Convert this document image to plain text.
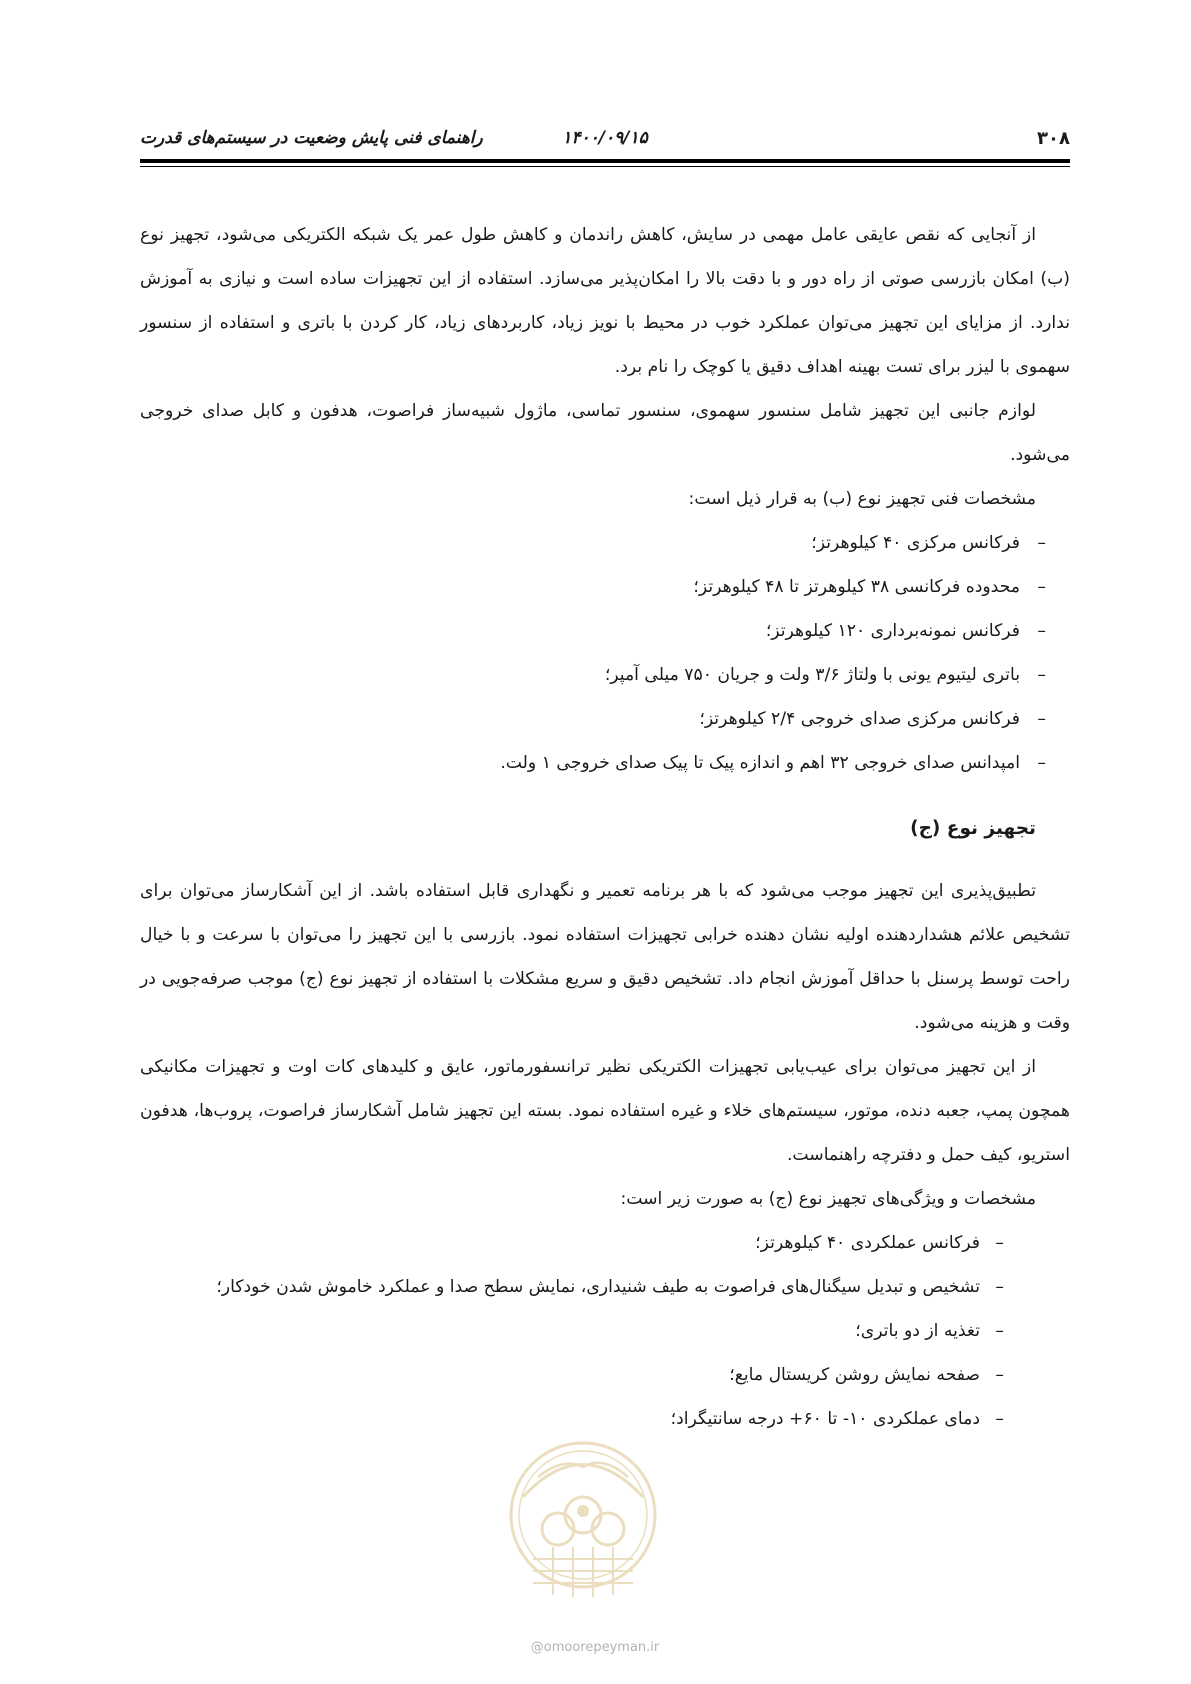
۳۰۸
۱۴۰۰/۰۹/۱۵
راهنمای فنی پایش وضعیت در سیستم‌های قدرت

از آنجایی که نقص عایقی عامل مهمی در سایش، کاهش راندمان و کاهش طول عمر یک شبکه الکتریکی می‌شود، تجهیز نوع (ب) امکان بازرسی صوتی از راه دور و با دقت بالا را امکان‌پذیر می‌سازد. استفاده از این تجهیزات ساده است و نیازی به آموزش ندارد. از مزایای این تجهیز می‌توان عملکرد خوب در محیط با نویز زیاد، کاربردهای زیاد، کار کردن با باتری و استفاده از سنسور سهموی با لیزر برای تست بهینه اهداف دقیق یا کوچک را نام برد.

لوازم جانبی این تجهیز شامل سنسور سهموی، سنسور تماسی، ماژول شبیه‌ساز فراصوت، هدفون و کابل صدای خروجی می‌شود.

مشخصات فنی تجهیز نوع (ب) به قرار ذیل است:

–
فرکانس مرکزی ۴۰ کیلوهرتز؛
–
محدوده فرکانسی ۳۸ کیلوهرتز تا ۴۸ کیلوهرتز؛
–
فرکانس نمونه‌برداری ۱۲۰ کیلوهرتز؛
–
باتری لیتیوم یونی با ولتاژ ۳/۶ ولت و جریان ۷۵۰ میلی آمپر؛
–
فرکانس مرکزی صدای خروجی ۲/۴ کیلوهرتز؛
–
امپدانس صدای خروجی ۳۲ اهم و اندازه پیک تا پیک صدای خروجی ۱ ولت.
تجهیز نوع (ج)

تطبیق‌پذیری این تجهیز موجب می‌شود که با هر برنامه تعمیر و نگهداری قابل استفاده باشد. از این آشکارساز می‌توان برای تشخیص علائم هشداردهنده اولیه نشان دهنده خرابی تجهیزات استفاده نمود. بازرسی با این تجهیز را می‌توان با سرعت و با خیال راحت توسط پرسنل با حداقل آموزش انجام داد. تشخیص دقیق و سریع مشکلات با استفاده از تجهیز نوع (ج) موجب صرفه‌جویی در وقت و هزینه می‌شود.

از این تجهیز می‌توان برای عیب‌یابی تجهیزات الکتریکی نظیر ترانسفورماتور، عایق و کلیدهای کات اوت و تجهیزات مکانیکی همچون پمپ، جعبه دنده، موتور، سیستم‌های خلاء و غیره استفاده نمود. بسته این تجهیز شامل آشکارساز فراصوت، پروب‌ها، هدفون استریو، کیف حمل و دفترچه راهنماست.

مشخصات و ویژگی‌های تجهیز نوع (ج) به صورت زیر است:

–
فرکانس عملکردی ۴۰ کیلوهرتز؛
–
تشخیص و تبدیل سیگنال‌های فراصوت به طیف شنیداری، نمایش سطح صدا و عملکرد خاموش شدن خودکار؛
–
تغذیه از دو باتری؛
–
صفحه نمایش روشن کریستال مایع؛
–
دمای عملکردی ۱۰- تا ۶۰+ درجه سانتیگراد؛
@omoorepeyman.ir
